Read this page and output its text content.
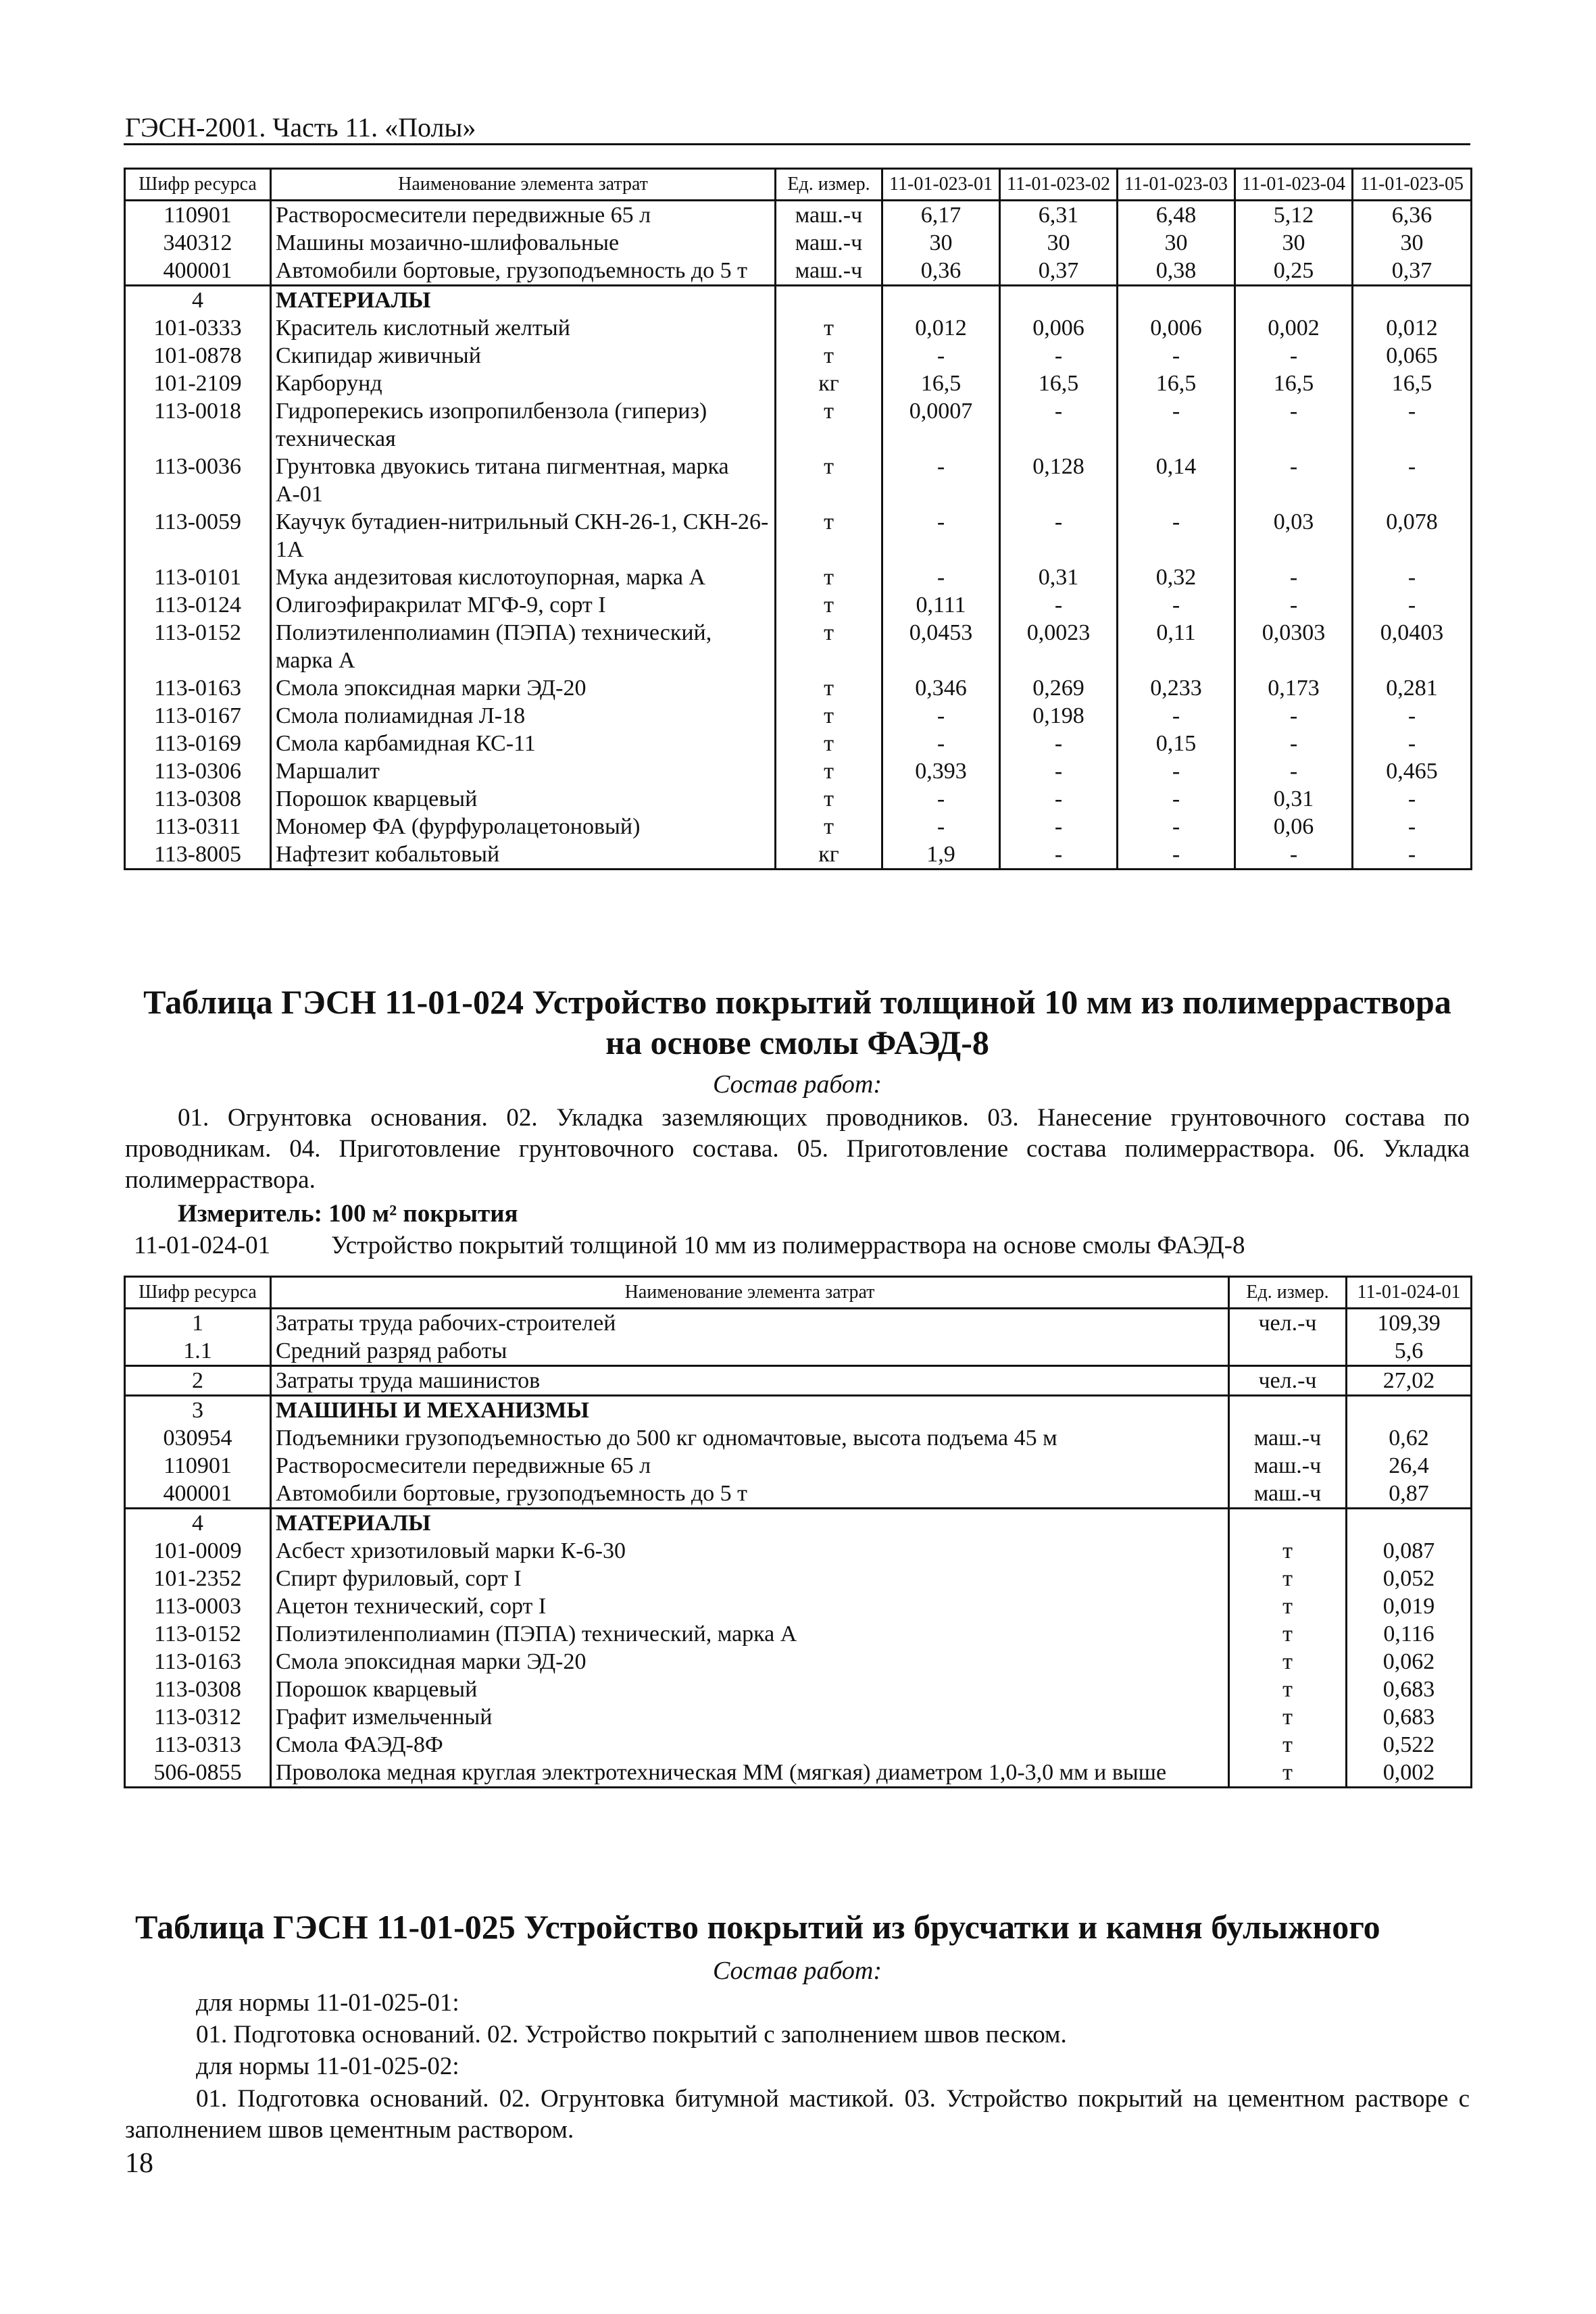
ГЭСН-2001. Часть 11. «Полы»
Шифр ресурса	Наименование элемента затрат	Ед. измер.	11-01-023-01	11-01-023-02	11-01-023-03	11-01-023-04	11-01-023-05
110901	Растворосмесители передвижные 65 л	маш.-ч	6,17	6,31	6,48	5,12	6,36
340312	Машины мозаично-шлифовальные	маш.-ч	30	30	30	30	30
400001	Автомобили бортовые, грузоподъемность до 5 т	маш.-ч	0,36	0,37	0,38	0,25	0,37
4	МАТЕРИАЛЫ						
101-0333	Краситель кислотный желтый	т	0,012	0,006	0,006	0,002	0,012
101-0878	Скипидар живичный	т	-	-	-	-	0,065
101-2109	Карборунд	кг	16,5	16,5	16,5	16,5	16,5
113-0018	Гидроперекись изопропилбензола (гипериз) техническая	т	0,0007	-	-	-	-
113-0036	Грунтовка двуокись титана пигментная, марка А-01	т	-	0,128	0,14	-	-
113-0059	Каучук бутадиен-нитрильный СКН-26-1, СКН-26-1А	т	-	-	-	0,03	0,078
113-0101	Мука андезитовая кислотоупорная, марка А	т	-	0,31	0,32	-	-
113-0124	Олигоэфиракрилат МГФ-9, сорт I	т	0,111	-	-	-	-
113-0152	Полиэтиленполиамин (ПЭПА) технический, марка А	т	0,0453	0,0023	0,11	0,0303	0,0403
113-0163	Смола эпоксидная марки ЭД-20	т	0,346	0,269	0,233	0,173	0,281
113-0167	Смола полиамидная Л-18	т	-	0,198	-	-	-
113-0169	Смола карбамидная КС-11	т	-	-	0,15	-	-
113-0306	Маршалит	т	0,393	-	-	-	0,465
113-0308	Порошок кварцевый	т	-	-	-	0,31	-
113-0311	Мономер ФА (фурфуролацетоновый)	т	-	-	-	0,06	-
113-8005	Нафтезит кобальтовый	кг	1,9	-	-	-	-
Таблица ГЭСН 11-01-024 Устройство покрытий толщиной 10 мм из полимерраствора
на основе смолы ФАЭД-8
Состав работ:
01. Огрунтовка основания. 02. Укладка заземляющих проводников. 03. Нанесение грунтовочного состава по проводникам. 04. Приготовление грунтовочного состава. 05. Приготовление состава полимерраствора. 06. Укладка полимерраствора.
Измеритель: 100 м² покрытия
11-01-024-01 Устройство покрытий толщиной 10 мм из полимерраствора на основе смолы ФАЭД-8
Шифр ресурса	Наименование элемента затрат	Ед. измер.	11-01-024-01
1	Затраты труда рабочих-строителей	чел.-ч	109,39
1.1	Средний разряд работы		5,6
2	Затраты труда машинистов	чел.-ч	27,02
3	МАШИНЫ И МЕХАНИЗМЫ		
030954	Подъемники грузоподъемностью до 500 кг одномачтовые, высота подъема 45 м	маш.-ч	0,62
110901	Растворосмесители передвижные 65 л	маш.-ч	26,4
400001	Автомобили бортовые, грузоподъемность до 5 т	маш.-ч	0,87
4	МАТЕРИАЛЫ		
101-0009	Асбест хризотиловый марки К-6-30	т	0,087
101-2352	Спирт фуриловый, сорт I	т	0,052
113-0003	Ацетон технический, сорт I	т	0,019
113-0152	Полиэтиленполиамин (ПЭПА) технический, марка А	т	0,116
113-0163	Смола эпоксидная марки ЭД-20	т	0,062
113-0308	Порошок кварцевый	т	0,683
113-0312	Графит измельченный	т	0,683
113-0313	Смола ФАЭД-8Ф	т	0,522
506-0855	Проволока медная круглая электротехническая ММ (мягкая) диаметром 1,0-3,0 мм и выше	т	0,002
Таблица ГЭСН 11-01-025 Устройство покрытий из брусчатки и камня булыжного
Состав работ:
для нормы 11-01-025-01:
01. Подготовка оснований. 02. Устройство покрытий с заполнением швов песком.
для нормы 11-01-025-02:
01. Подготовка оснований. 02. Огрунтовка битумной мастикой. 03. Устройство покрытий на цементном растворе с заполнением швов цементным раствором.
18
